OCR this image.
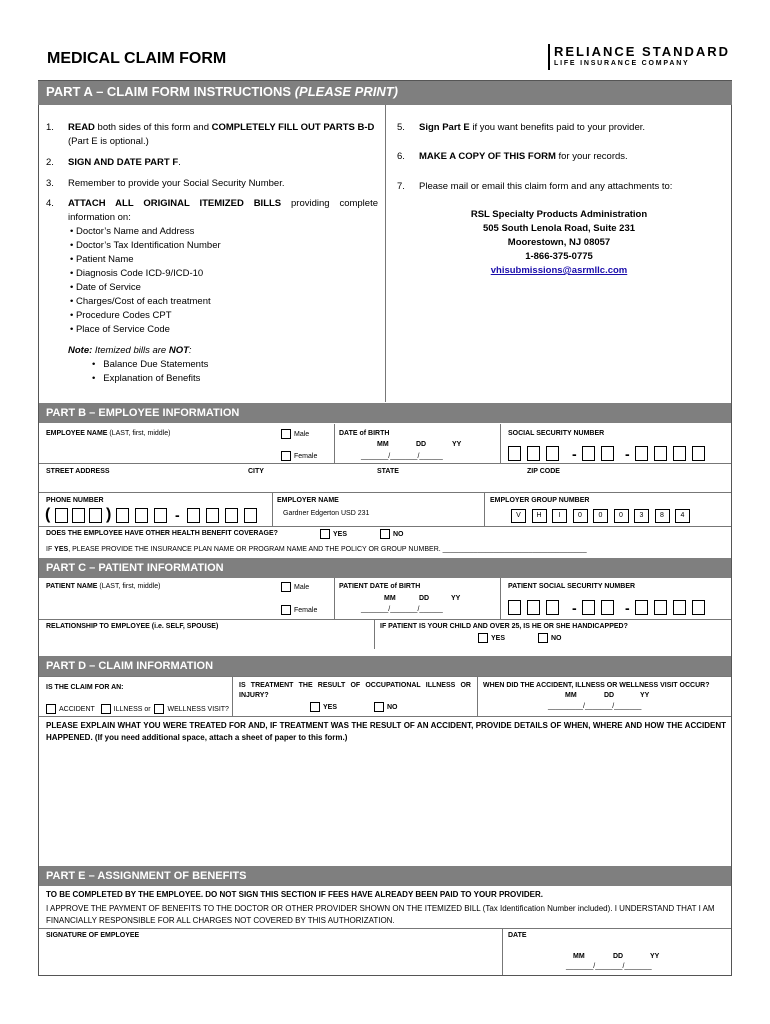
MEDICAL CLAIM FORM	RELIANCE STANDARD
LIFE INSURANCE COMPANY
PART A – CLAIM FORM INSTRUCTIONS (PLEASE PRINT)
1. READ both sides of this form and COMPLETELY FILL OUT PARTS B-D (Part E is optional.)
2. SIGN AND DATE PART F.
3. Remember to provide your Social Security Number.
4. ATTACH ALL ORIGINAL ITEMIZED BILLS providing complete information on:
• Doctor’s Name and Address
• Doctor’s Tax Identification Number
• Patient Name
• Diagnosis Code ICD-9/ICD-10
• Date of Service
• Charges/Cost of each treatment
• Procedure Codes CPT
• Place of Service Code
Note: Itemized bills are NOT:
•   Balance Due Statements
•   Explanation of Benefits
5. Sign Part E if you want benefits paid to your provider.
6. MAKE A COPY OF THIS FORM for your records.
7. Please mail or email this claim form and any attachments to:
RSL Specialty Products Administration
505 South Lenola Road, Suite 231
Moorestown, NJ 08057
1-866-375-0775
vhisubmissions@asrmllc.com
PART B – EMPLOYEE INFORMATION
EMPLOYEE NAME (LAST, first, middle)	Male
Female
DATE of BIRTH
MM	DD	YY
_______/_______/______
SOCIAL SECURITY NUMBER
-	-
STREET ADDRESS	CITY	STATE	ZIP CODE
PHONE NUMBER
(	)	-
EMPLOYER NAME
Gardner Edgerton USD 231
EMPLOYER GROUP NUMBER
V	H	I	0	0	0	3	8	4
DOES THE EMPLOYEE HAVE OTHER HEALTH BENEFIT COVERAGE?	YES	NO
IF YES, PLEASE PROVIDE THE INSURANCE PLAN NAME OR PROGRAM NAME AND THE POLICY OR GROUP NUMBER. _____________________________________
PART C – PATIENT INFORMATION
PATIENT NAME (LAST, first, middle)	Male
Female
PATIENT DATE of BIRTH
MM	DD	YY
_______/_______/______
PATIENT SOCIAL SECURITY NUMBER
-	-
RELATIONSHIP TO EMPLOYEE (i.e. SELF, SPOUSE)	IF PATIENT IS YOUR CHILD AND OVER 25, IS HE OR SHE HANDICAPPED?
YES	NO
PART D – CLAIM INFORMATION
IS THE CLAIM FOR AN:
ACCIDENT	ILLNESS or WELLNESS VISIT?
IS TREATMENT THE RESULT OF OCCUPATIONAL ILLNESS OR INJURY?
YES	NO
WHEN DID THE ACCIDENT, ILLNESS OR WELLNESS VISIT OCCUR?
MM	DD	YY
_________/_______/_______
PLEASE EXPLAIN WHAT YOU WERE TREATED FOR AND, IF TREATMENT WAS THE RESULT OF AN ACCIDENT, PROVIDE DETAILS OF WHEN, WHERE AND HOW THE ACCIDENT HAPPENED. (If you need additional space, attach a sheet of paper to this form.)
PART E – ASSIGNMENT OF BENEFITS
TO BE COMPLETED BY THE EMPLOYEE. DO NOT SIGN THIS SECTION IF FEES HAVE ALREADY BEEN PAID TO YOUR PROVIDER.
I APPROVE THE PAYMENT OF BENEFITS TO THE DOCTOR OR OTHER PROVIDER SHOWN ON THE ITEMIZED BILL (Tax Identification Number included). I UNDERSTAND THAT I AM FINANCIALLY RESPONSIBLE FOR ALL CHARGES NOT COVERED BY THIS AUTHORIZATION.
SIGNATURE OF EMPLOYEE	DATE
MM	DD	YY
_______/_______/_______
